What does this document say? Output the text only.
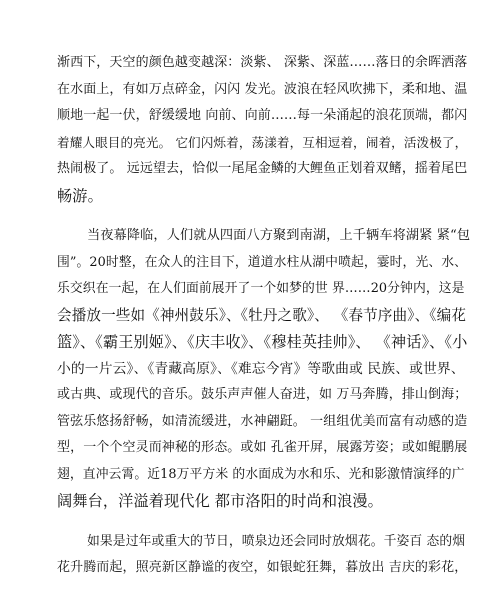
渐西下，天空的颜色越变越深：淡紫、 深紫、深蓝……落日的余晖洒落
在水面上，有如万点碎金，闪闪 发光。波浪在轻风吹拂下，柔和地、温
顺地一起一伏，舒缓缓地 向前、向前……每一朵涌起的浪花顶端，都闪
着耀人眼目的亮光。 它们闪烁着，荡漾着，互相逗着，闹着，活泼极了，
热闹极了。 远远望去，恰似一尾尾金鳞的大鲤鱼正划着双鳍，摇着尾巴
畅游。
当夜幕降临，人们就从四面八方聚到南湖，上千辆车将湖紧 紧“包
围”。20时整，在众人的注目下，道道水柱从湖中喷起，霎时，光、水、
乐交织在一起，在人们面前展开了一个如梦的世 界……20分钟内，这是
会播放一些如《神州鼓乐》、《牡丹之歌》、 《春节序曲》、《编花
篮》、《霸王别姬》、《庆丰收》、《穆桂英挂帅》、 《神话》、《小
小的一片云》、《青藏高原》、《难忘今宵》等歌曲或 民族、或世界、
或古典、或现代的音乐。鼓乐声声催人奋进，如 万马奔腾，排山倒海；
管弦乐悠扬舒畅，如清流缓进，水神翩跹。 一组组优美而富有动感的造
型，一个个空灵而神秘的形态。或如 孔雀开屏，展露芳姿；或如鲲鹏展
翅，直冲云霄。近18万平方米 的水面成为水和乐、光和影激情演绎的广
阔舞台，洋溢着现代化 都市洛阳的时尚和浪漫。
如果是过年或重大的节日，喷泉边还会同时放烟花。千姿百 态的烟
花升腾而起，照亮新区静谧的夜空，如银蛇狂舞，暮放出 吉庆的彩花，
